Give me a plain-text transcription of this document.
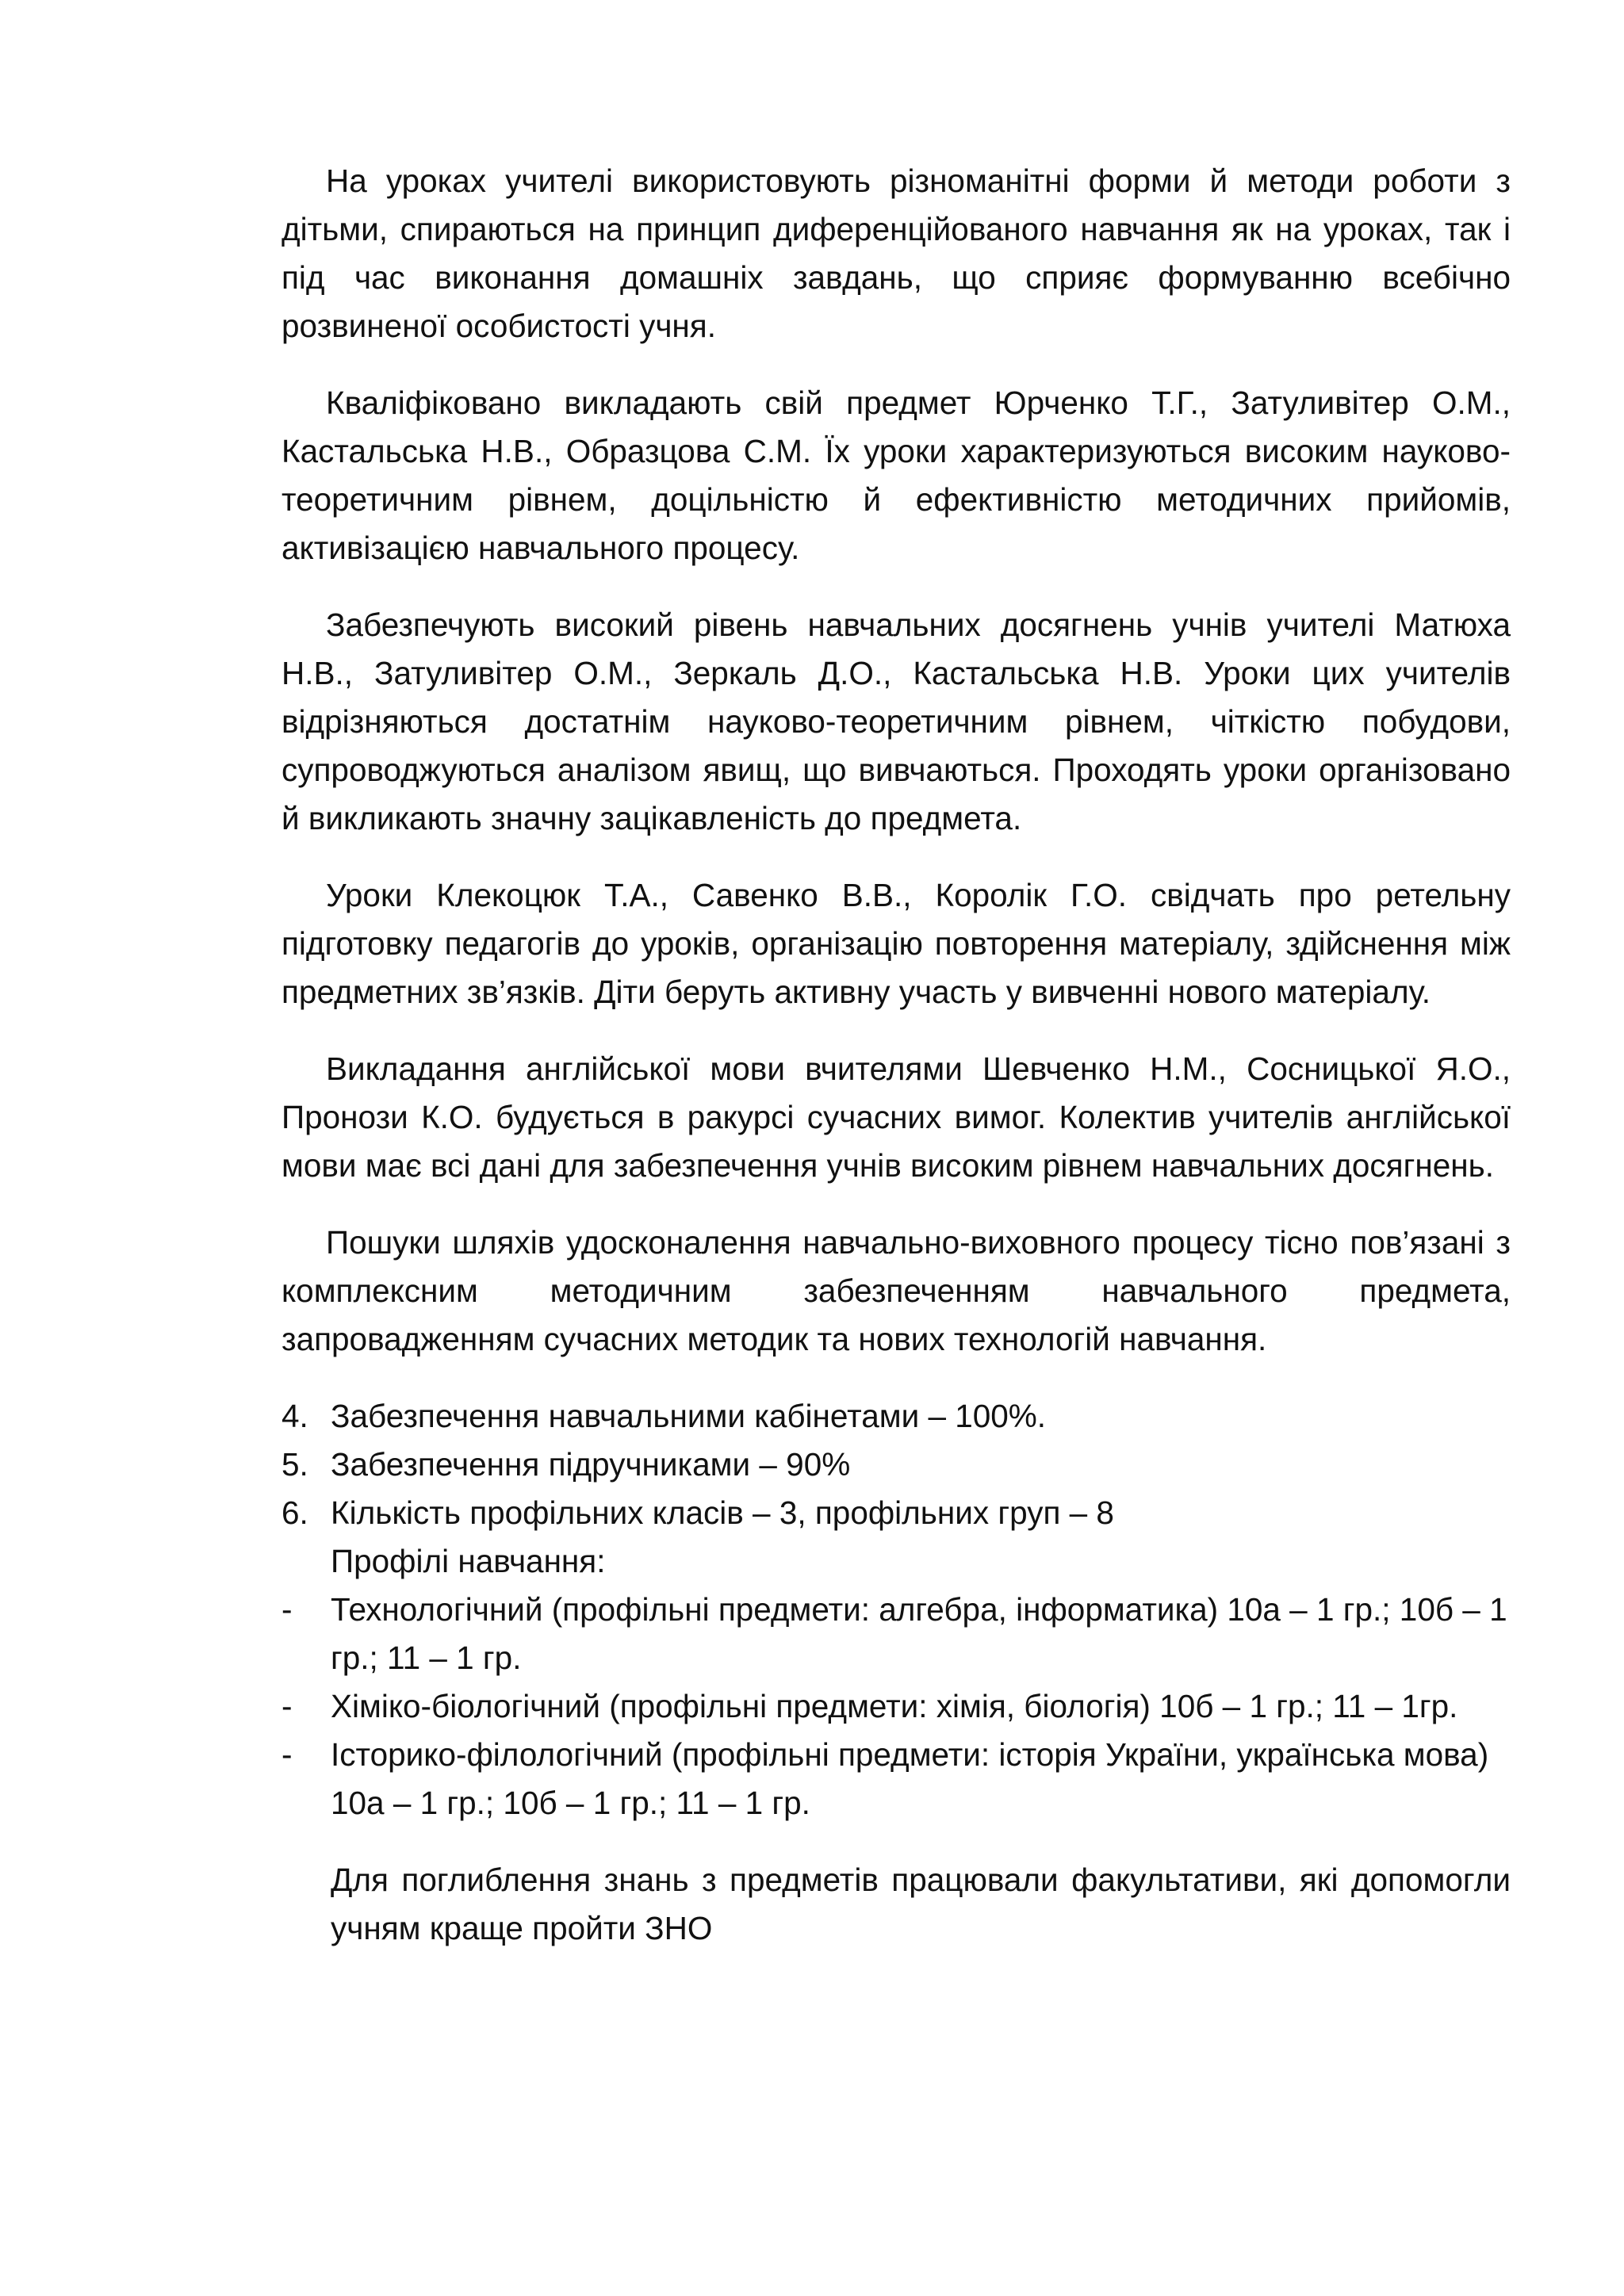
На уроках учителі використовують різноманітні форми й методи роботи з дітьми, спираються на принцип диференційованого навчання як на уроках, так і під час виконання домашніх завдань, що сприяє формуванню всебічно розвиненої особистості учня.

Кваліфіковано викладають свій предмет Юрченко Т.Г., Затуливітер О.М., Кастальська Н.В., Образцова С.М. Їх уроки характеризуються високим науково-теоретичним рівнем, доцільністю й ефективністю методичних прийомів, активізацією навчального процесу.

Забезпечують високий рівень навчальних досягнень учнів учителі Матюха Н.В., Затуливітер О.М., Зеркаль Д.О., Кастальська Н.В. Уроки цих учителів відрізняються достатнім науково-теоретичним рівнем, чіткістю побудови, супроводжуються аналізом явищ, що вивчаються. Проходять уроки організовано й викликають значну зацікавленість до предмета.

Уроки Клекоцюк Т.А., Савенко В.В., Королік Г.О. свідчать про ретельну підготовку педагогів до уроків, організацію повторення матеріалу, здійснення між предметних зв’язків. Діти беруть активну участь у вивченні нового матеріалу.

Викладання англійської мови вчителями Шевченко Н.М., Сосницької Я.О., Пронози К.О. будується в ракурсі сучасних вимог. Колектив учителів англійської мови має всі дані для забезпечення учнів високим рівнем навчальних досягнень.

Пошуки шляхів удосконалення навчально-виховного процесу тісно пов’язані з комплексним методичним забезпеченням навчального предмета, запровадженням сучасних методик та нових технологій навчання.

4. Забезпечення навчальними кабінетами – 100%.
5. Забезпечення підручниками – 90%
6. Кількість профільних класів – 3, профільних груп – 8
Профілі навчання:
- Технологічний (профільні предмети: алгебра, інформатика) 10а – 1 гр.; 10б – 1 гр.; 11 – 1 гр.
- Хіміко-біологічний (профільні предмети: хімія, біологія) 10б – 1 гр.; 11 – 1гр.
- Історико-філологічний (профільні предмети: історія України, українська мова) 10а – 1 гр.; 10б – 1 гр.; 11 – 1 гр.

Для поглиблення знань з предметів працювали факультативи, які допомогли учням краще пройти ЗНО
